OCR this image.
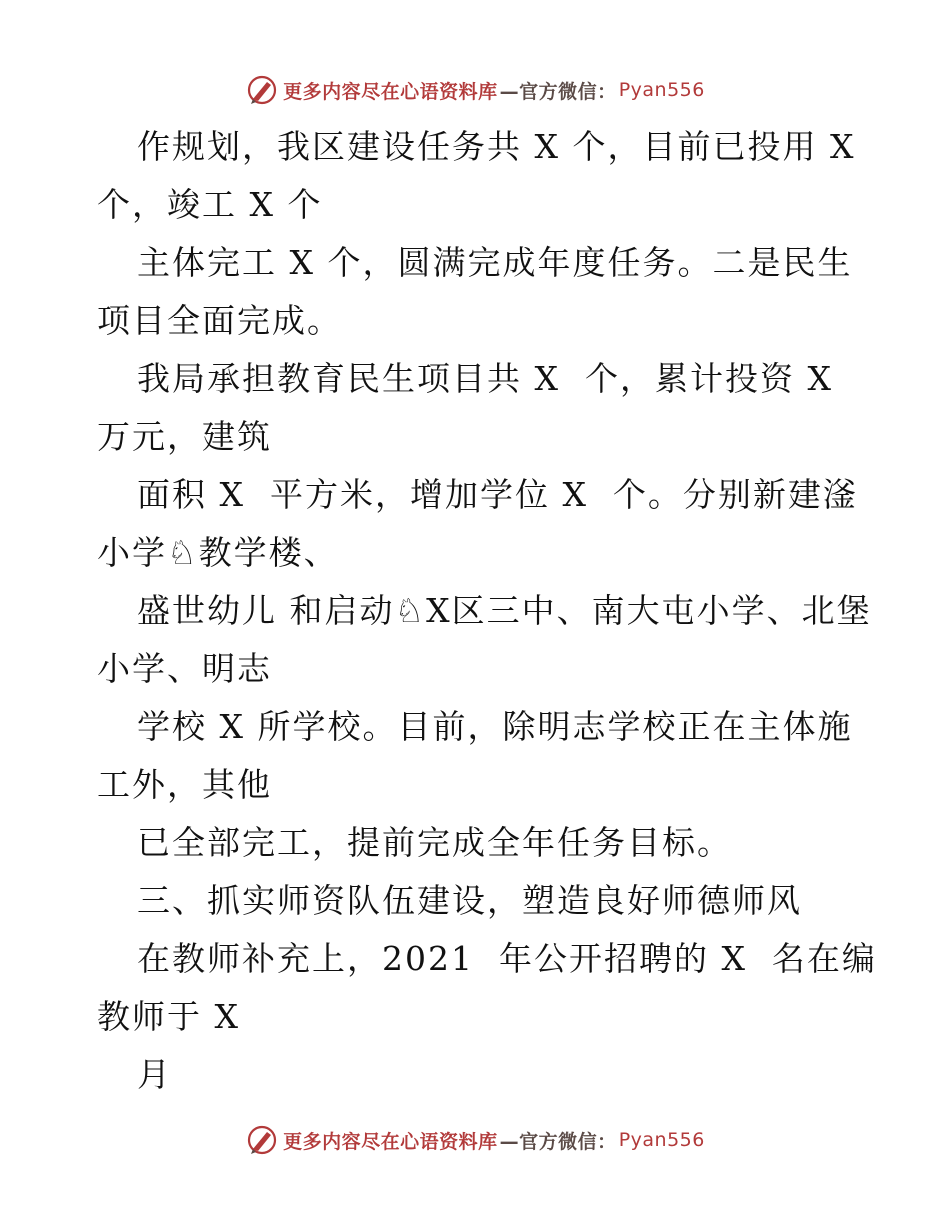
更多内容尽在心语资料库 —官方微信： Pyan556
作规划，我区建设任务共 X 个，目前已投用 X
个，竣工 X 个
主体完工 X 个，圆满完成年度任务。二是民生
项目全面完成。
我局承担教育民生项目共 X  个，累计投资 X
万元，建筑
面积 X  平方米，增加学位 X  个。分别新建滏
小学♘教学楼、
盛世幼儿 和启动♘X区三中、南大屯小学、北堡
小学、明志
学校 X 所学校。目前，除明志学校正在主体施
工外，其他
已全部完工，提前完成全年任务目标。
三、抓实师资队伍建设，塑造良好师德师风
在教师补充上，2021  年公开招聘的 X  名在编
教师于 X
月
更多内容尽在心语资料库 —官方微信： Pyan556
